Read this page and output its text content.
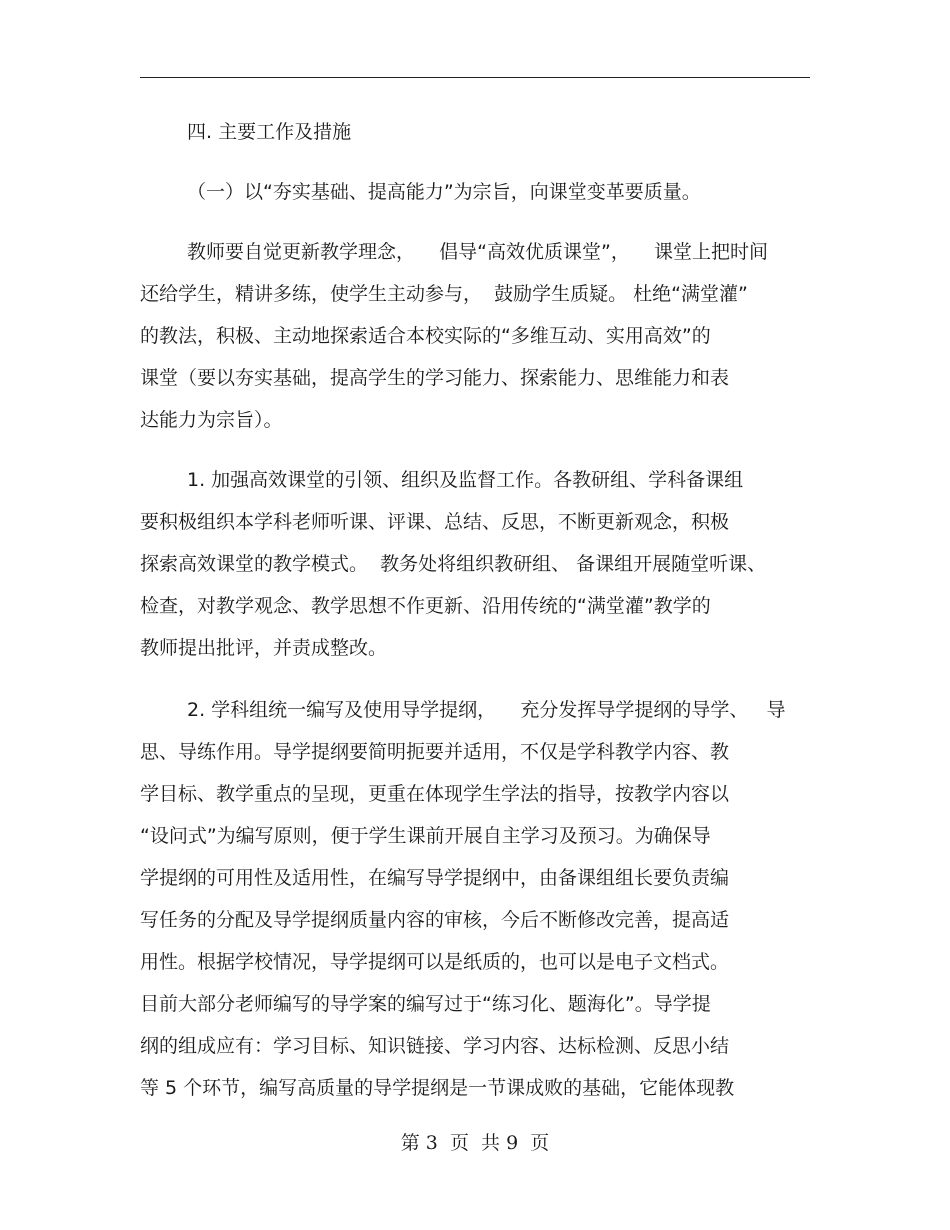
四. 主要工作及措施
（一）以“夯实基础、提高能力”为宗旨，向课堂变革要质量。
教师要自觉更新教学理念，    倡导“高效优质课堂”，    课堂上把时间
还给学生，精讲多练，使学生主动参与，  鼓励学生质疑。 杜绝“满堂灌”
的教法，积极、主动地探索适合本校实际的“多维互动、实用高效”的
课堂（要以夯实基础，提高学生的学习能力、探索能力、思维能力和表
达能力为宗旨）。
1. 加强高效课堂的引领、组织及监督工作。各教研组、学科备课组
要积极组织本学科老师听课、评课、总结、反思，不断更新观念，积极
探索高效课堂的教学模式。  教务处将组织教研组、 备课组开展随堂听课、
检查，对教学观念、教学思想不作更新、沿用传统的“满堂灌”教学的
教师提出批评，并责成整改。
2. 学科组统一编写及使用导学提纲，    充分发挥导学提纲的导学、   导
思、导练作用。导学提纲要简明扼要并适用，不仅是学科教学内容、教
学目标、教学重点的呈现，更重在体现学生学法的指导，按教学内容以
“设问式”为编写原则，便于学生课前开展自主学习及预习。为确保导
学提纲的可用性及适用性，在编写导学提纲中，由备课组组长要负责编
写任务的分配及导学提纲质量内容的审核，今后不断修改完善，提高适
用性。根据学校情况，导学提纲可以是纸质的，也可以是电子文档式。
目前大部分老师编写的导学案的编写过于“练习化、题海化”。导学提
纲的组成应有：学习目标、知识链接、学习内容、达标检测、反思小结
等 5 个环节，编写高质量的导学提纲是一节课成败的基础，它能体现教
第 3  页  共 9  页
